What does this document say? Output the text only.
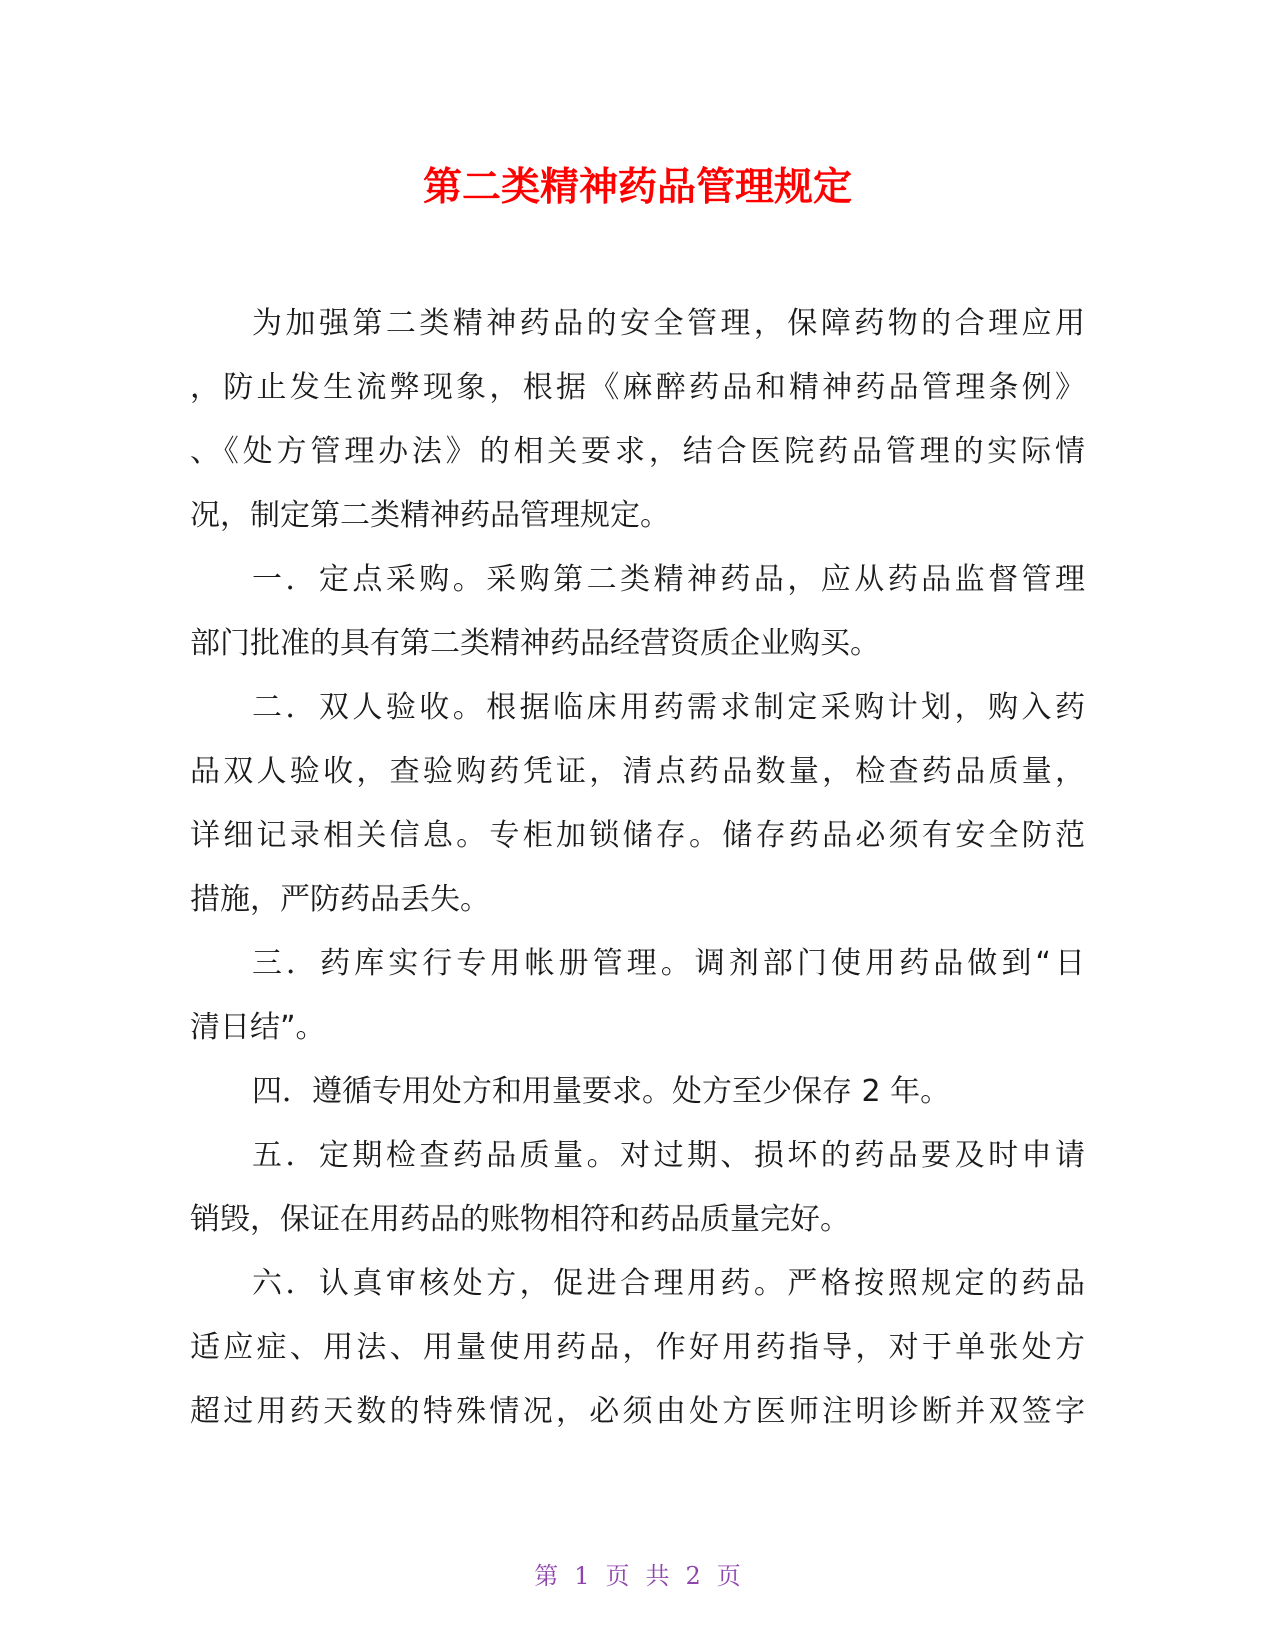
第二类精神药品管理规定
为加强第二类精神药品的安全管理，保障药物的合理应用
，防止发生流弊现象，根据《麻醉药品和精神药品管理条例》
、《处方管理办法》的相关要求，结合医院药品管理的实际情
况，制定第二类精神药品管理规定。
一．定点采购。采购第二类精神药品，应从药品监督管理
部门批准的具有第二类精神药品经营资质企业购买。
二．双人验收。根据临床用药需求制定采购计划，购入药
品双人验收，查验购药凭证，清点药品数量，检查药品质量，
详细记录相关信息。专柜加锁储存。储存药品必须有安全防范
措施，严防药品丢失。
三．药库实行专用帐册管理。调剂部门使用药品做到“日
清日结”。
四．遵循专用处方和用量要求。处方至少保存 2 年。
五．定期检查药品质量。对过期、损坏的药品要及时申请
销毁，保证在用药品的账物相符和药品质量完好。
六．认真审核处方，促进合理用药。严格按照规定的药品
适应症、用法、用量使用药品，作好用药指导，对于单张处方
超过用药天数的特殊情况，必须由处方医师注明诊断并双签字
第 1 页 共 2 页
